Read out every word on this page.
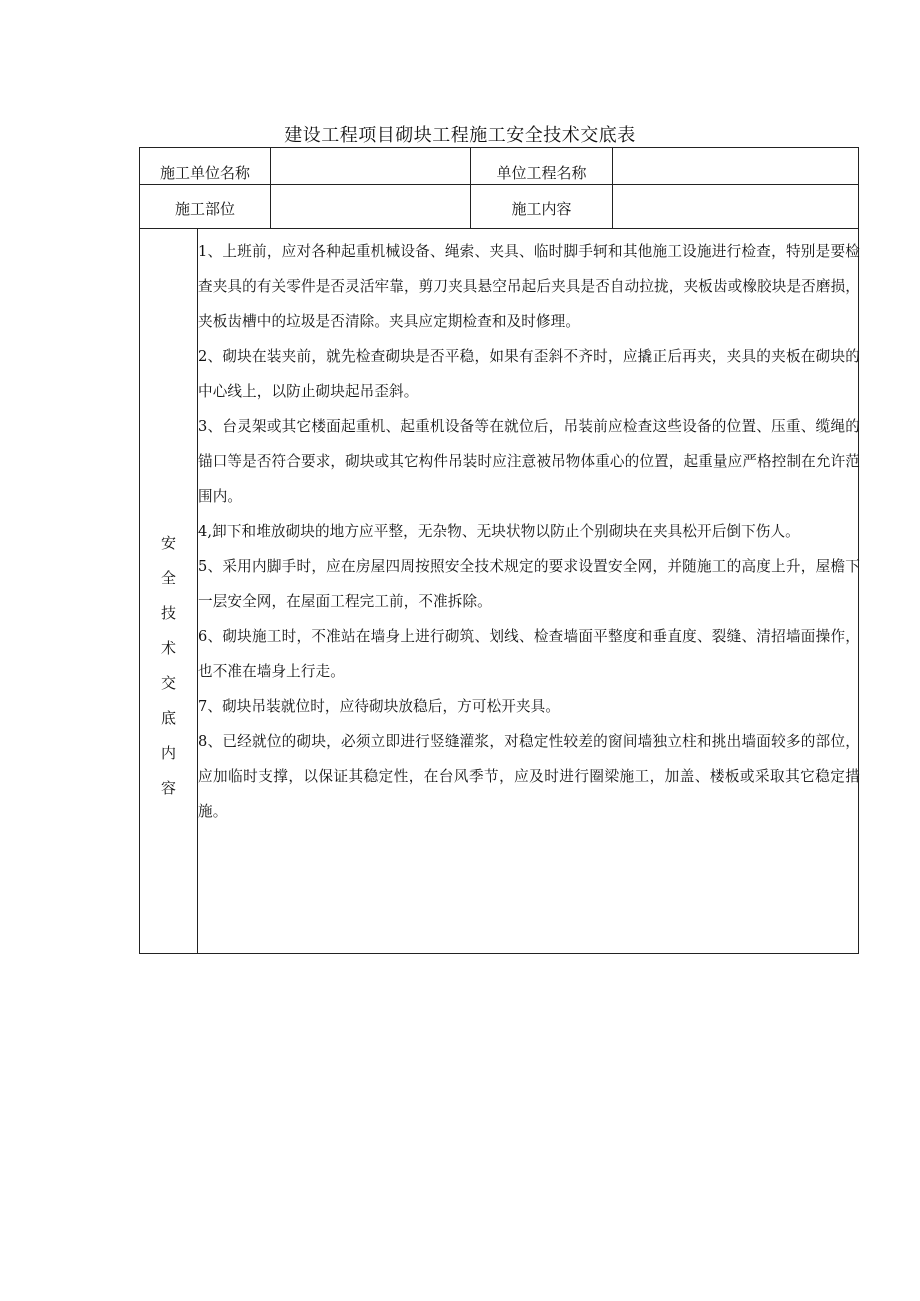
建设工程项目砌块工程施工安全技术交底表
施工单位名称	单位工程名称
施工部位	施工内容
安全
技术
交底
内容

1、上班前，应对各种起重机械设备、绳索、夹具、临时脚手轲和其他施工设施进行检查，特别是要检查夹具的有关零件是否灵活牢靠，剪刀夹具悬空吊起后夹具是否自动拉拢，夹板齿或橡胶块是否磨损，夹板齿槽中的垃圾是否清除。夹具应定期检查和及时修理。

2、砌块在装夹前，就先检查砌块是否平稳，如果有歪斜不齐时，应撬正后再夹，夹具的夹板在砌块的中心线上，以防止砌块起吊歪斜。

3、台灵架或其它楼面起重机、起重机设备等在就位后，吊装前应检查这些设备的位置、压重、缆绳的锚口等是否符合要求，砌块或其它构件吊装时应注意被吊物体重心的位置，起重量应严格控制在允许范围内。

4,卸下和堆放砌块的地方应平整，无杂物、无块状物以防止个别砌块在夹具松开后倒下伤人。

5、采用内脚手时，应在房屋四周按照安全技术规定的要求设置安全网，并随施工的高度上升，屋檐下一层安全网，在屋面工程完工前，不准拆除。

6、砌块施工时，不准站在墙身上进行砌筑、划线、检查墙面平整度和垂直度、裂缝、清招墙面操作，也不准在墙身上行走。

7、砌块吊装就位时，应待砌块放稳后，方可松开夹具。

8、已经就位的砌块，必须立即进行竖缝灌浆，对稳定性较差的窗间墙独立柱和挑出墙面较多的部位，应加临时支撑，以保证其稳定性，在台风季节，应及时进行圈梁施工，加盖、楼板或采取其它稳定措施。
